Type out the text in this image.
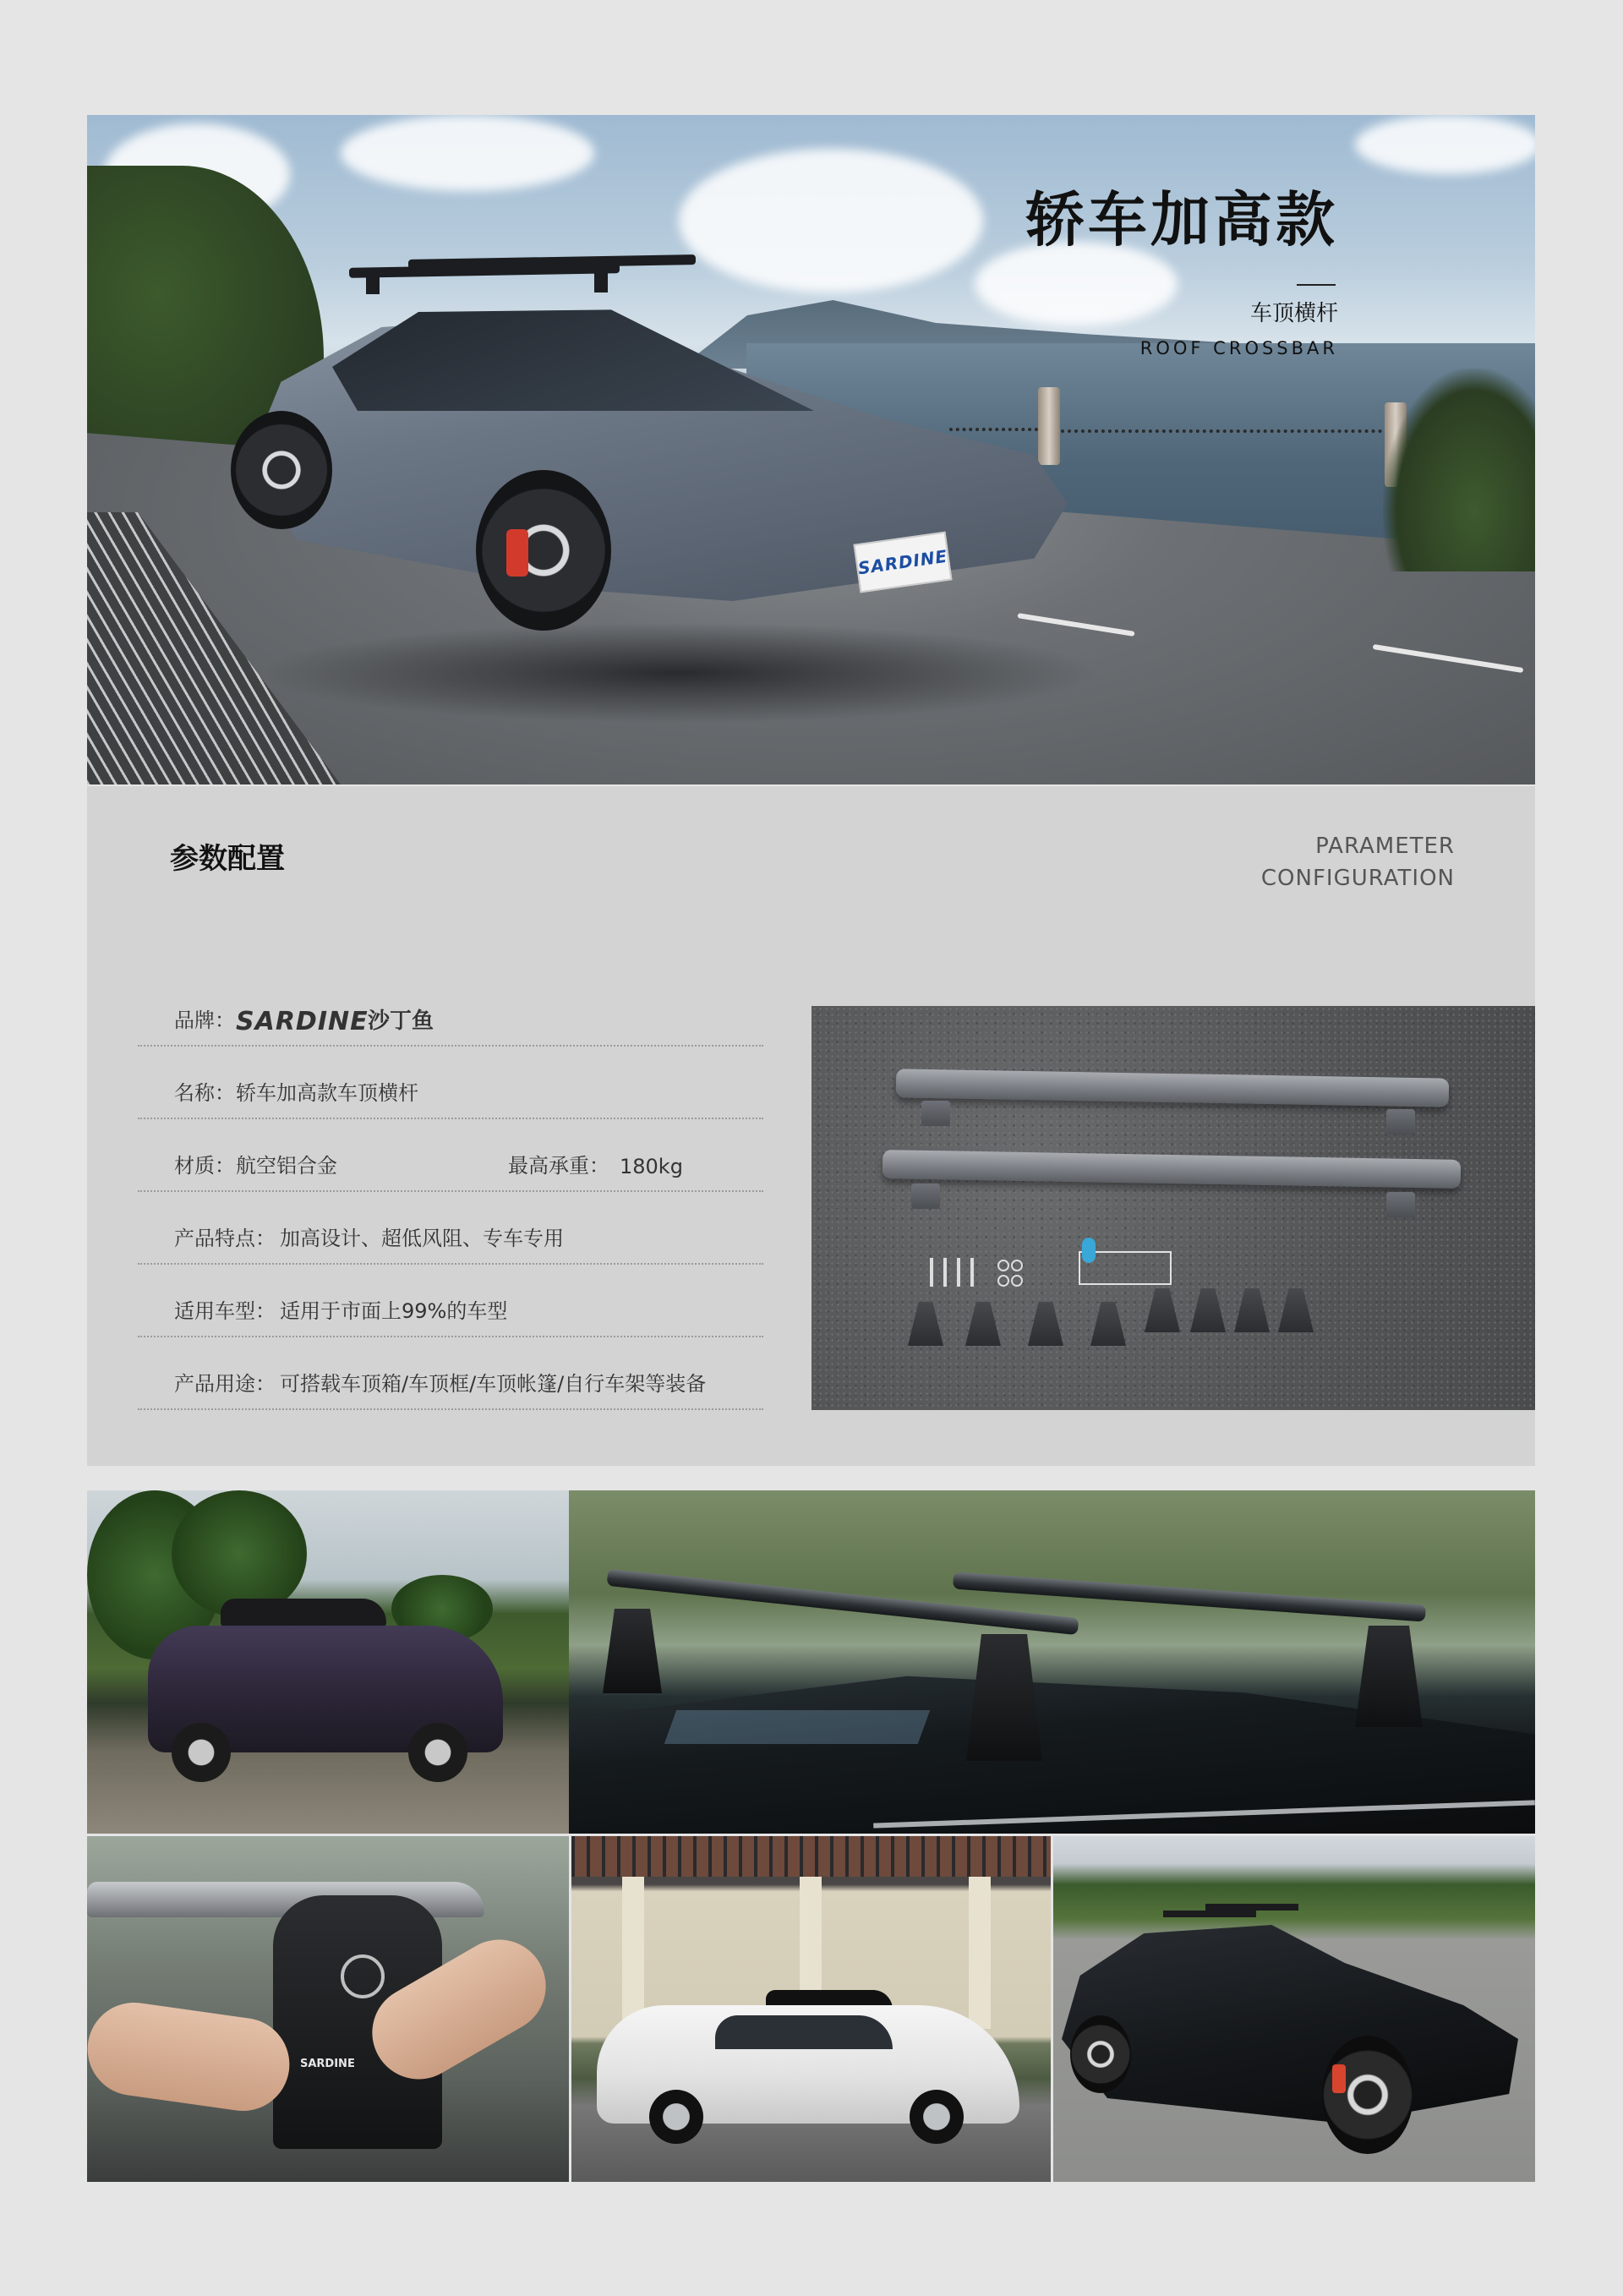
SARDINE
轿车加高款
车顶横杆
ROOF CROSSBAR
参数配置	PARAMETER
CONFIGURATION
品牌： SARDINE 沙丁鱼
名称： 轿车加高款车顶横杆
材质： 航空铝合金	最高承重： 180kg
产品特点： 加高设计、超低风阻、专车专用
适用车型： 适用于市面上99%的车型
产品用途： 可搭载车顶箱/车顶框/车顶帐篷/自行车架等装备
SARDINE
